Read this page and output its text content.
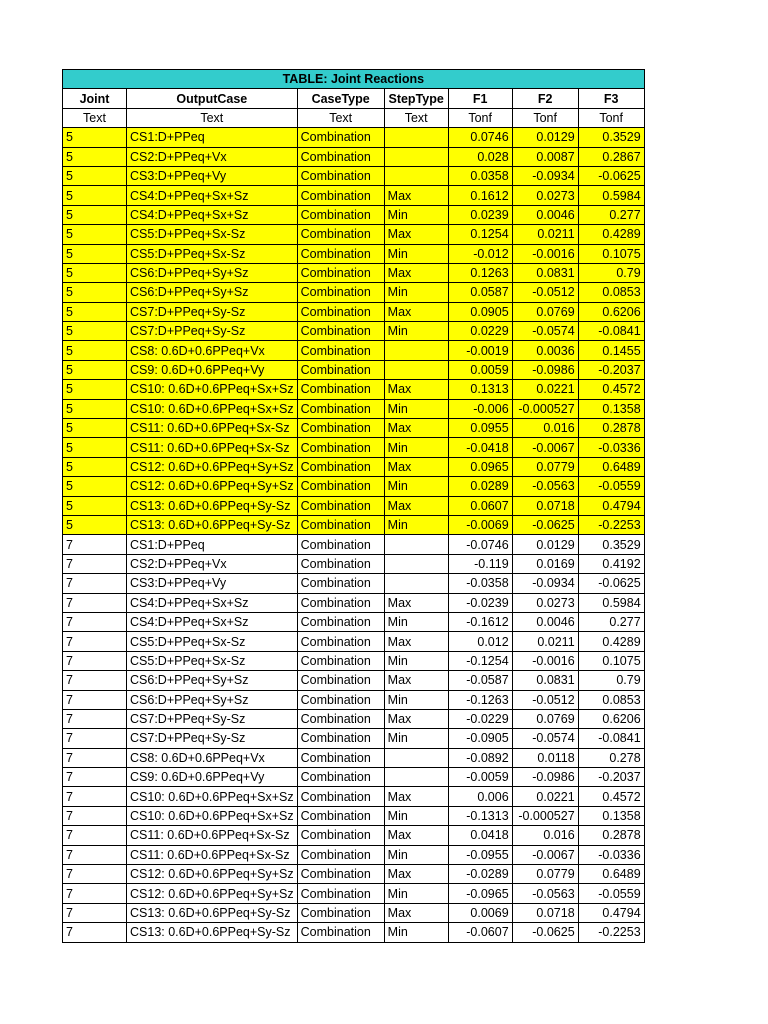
TABLE: Joint Reactions						
Joint	OutputCase	CaseType	StepType	F1	F2	F3
Text	Text	Text	Text	Tonf	Tonf	Tonf
5	CS1:D+PPeq	Combination		0.0746	0.0129	0.3529
5	CS2:D+PPeq+Vx	Combination		0.028	0.0087	0.2867
5	CS3:D+PPeq+Vy	Combination		0.0358	-0.0934	-0.0625
5	CS4:D+PPeq+Sx+Sz	Combination	Max	0.1612	0.0273	0.5984
5	CS4:D+PPeq+Sx+Sz	Combination	Min	0.0239	0.0046	0.277
5	CS5:D+PPeq+Sx-Sz	Combination	Max	0.1254	0.0211	0.4289
5	CS5:D+PPeq+Sx-Sz	Combination	Min	-0.012	-0.0016	0.1075
5	CS6:D+PPeq+Sy+Sz	Combination	Max	0.1263	0.0831	0.79
5	CS6:D+PPeq+Sy+Sz	Combination	Min	0.0587	-0.0512	0.0853
5	CS7:D+PPeq+Sy-Sz	Combination	Max	0.0905	0.0769	0.6206
5	CS7:D+PPeq+Sy-Sz	Combination	Min	0.0229	-0.0574	-0.0841
5	CS8: 0.6D+0.6PPeq+Vx	Combination		-0.0019	0.0036	0.1455
5	CS9: 0.6D+0.6PPeq+Vy	Combination		0.0059	-0.0986	-0.2037
5	CS10: 0.6D+0.6PPeq+Sx+Sz	Combination	Max	0.1313	0.0221	0.4572
5	CS10: 0.6D+0.6PPeq+Sx+Sz	Combination	Min	-0.006	-0.000527	0.1358
5	CS11: 0.6D+0.6PPeq+Sx-Sz	Combination	Max	0.0955	0.016	0.2878
5	CS11: 0.6D+0.6PPeq+Sx-Sz	Combination	Min	-0.0418	-0.0067	-0.0336
5	CS12: 0.6D+0.6PPeq+Sy+Sz	Combination	Max	0.0965	0.0779	0.6489
5	CS12: 0.6D+0.6PPeq+Sy+Sz	Combination	Min	0.0289	-0.0563	-0.0559
5	CS13: 0.6D+0.6PPeq+Sy-Sz	Combination	Max	0.0607	0.0718	0.4794
5	CS13: 0.6D+0.6PPeq+Sy-Sz	Combination	Min	-0.0069	-0.0625	-0.2253
7	CS1:D+PPeq	Combination		-0.0746	0.0129	0.3529
7	CS2:D+PPeq+Vx	Combination		-0.119	0.0169	0.4192
7	CS3:D+PPeq+Vy	Combination		-0.0358	-0.0934	-0.0625
7	CS4:D+PPeq+Sx+Sz	Combination	Max	-0.0239	0.0273	0.5984
7	CS4:D+PPeq+Sx+Sz	Combination	Min	-0.1612	0.0046	0.277
7	CS5:D+PPeq+Sx-Sz	Combination	Max	0.012	0.0211	0.4289
7	CS5:D+PPeq+Sx-Sz	Combination	Min	-0.1254	-0.0016	0.1075
7	CS6:D+PPeq+Sy+Sz	Combination	Max	-0.0587	0.0831	0.79
7	CS6:D+PPeq+Sy+Sz	Combination	Min	-0.1263	-0.0512	0.0853
7	CS7:D+PPeq+Sy-Sz	Combination	Max	-0.0229	0.0769	0.6206
7	CS7:D+PPeq+Sy-Sz	Combination	Min	-0.0905	-0.0574	-0.0841
7	CS8: 0.6D+0.6PPeq+Vx	Combination		-0.0892	0.0118	0.278
7	CS9: 0.6D+0.6PPeq+Vy	Combination		-0.0059	-0.0986	-0.2037
7	CS10: 0.6D+0.6PPeq+Sx+Sz	Combination	Max	0.006	0.0221	0.4572
7	CS10: 0.6D+0.6PPeq+Sx+Sz	Combination	Min	-0.1313	-0.000527	0.1358
7	CS11: 0.6D+0.6PPeq+Sx-Sz	Combination	Max	0.0418	0.016	0.2878
7	CS11: 0.6D+0.6PPeq+Sx-Sz	Combination	Min	-0.0955	-0.0067	-0.0336
7	CS12: 0.6D+0.6PPeq+Sy+Sz	Combination	Max	-0.0289	0.0779	0.6489
7	CS12: 0.6D+0.6PPeq+Sy+Sz	Combination	Min	-0.0965	-0.0563	-0.0559
7	CS13: 0.6D+0.6PPeq+Sy-Sz	Combination	Max	0.0069	0.0718	0.4794
7	CS13: 0.6D+0.6PPeq+Sy-Sz	Combination	Min	-0.0607	-0.0625	-0.2253
